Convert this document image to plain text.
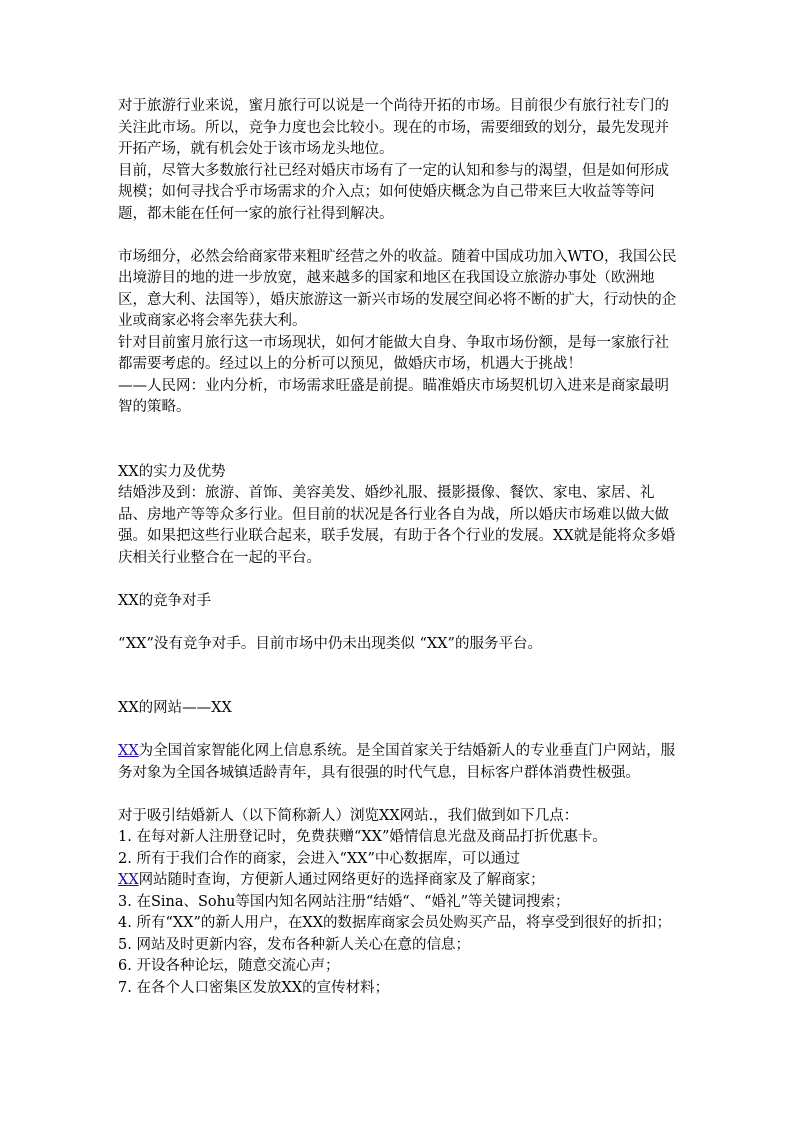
对于旅游行业来说，蜜月旅行可以说是一个尚待开拓的市场。目前很少有旅行社专门的关注此市场。所以，竞争力度也会比较小。现在的市场，需要细致的划分，最先发现并开拓产场，就有机会处于该市场龙头地位。

目前，尽管大多数旅行社已经对婚庆市场有了一定的认知和参与的渴望，但是如何形成规模；如何寻找合乎市场需求的介入点；如何使婚庆概念为自己带来巨大收益等等问题，都未能在任何一家的旅行社得到解决。

市场细分，必然会给商家带来粗旷经营之外的收益。随着中国成功加入WTO，我国公民出境游目的地的进一步放宽，越来越多的国家和地区在我国设立旅游办事处（欧洲地区，意大利、法国等），婚庆旅游这一新兴市场的发展空间必将不断的扩大，行动快的企业或商家必将会率先获大利。

针对目前蜜月旅行这一市场现状，如何才能做大自身、争取市场份额，是每一家旅行社都需要考虑的。经过以上的分析可以预见，做婚庆市场，机遇大于挑战！

——人民网：业内分析，市场需求旺盛是前提。瞄准婚庆市场契机切入进来是商家最明智的策略。

XX的实力及优势

结婚涉及到：旅游、首饰、美容美发、婚纱礼服、摄影摄像、餐饮、家电、家居、礼品、房地产等等众多行业。但目前的状况是各行业各自为战，所以婚庆市场难以做大做强。如果把这些行业联合起来，联手发展，有助于各个行业的发展。XX就是能将众多婚庆相关行业整合在一起的平台。

XX的竞争对手

“XX”没有竞争对手。目前市场中仍未出现类似 “XX”的服务平台。

XX的网站——XX

XX为全国首家智能化网上信息系统。是全国首家关于结婚新人的专业垂直门户网站，服务对象为全国各城镇适龄青年，具有很强的时代气息，目标客户群体消费性极强。

对于吸引结婚新人（以下简称新人）浏览XX网站.，我们做到如下几点：

1. 在每对新人注册登记时，免费获赠“XX”婚情信息光盘及商品打折优惠卡。

2. 所有于我们合作的商家，会进入“XX”中心数据库，可以通过

XX网站随时查询，方便新人通过网络更好的选择商家及了解商家；

3. 在Sina、Sohu等国内知名网站注册“结婚“、“婚礼”等关键词搜索；

4. 所有“XX”的新人用户，在XX的数据库商家会员处购买产品，将享受到很好的折扣；

5. 网站及时更新内容，发布各种新人关心在意的信息；

6. 开设各种论坛，随意交流心声；

7. 在各个人口密集区发放XX的宣传材料；
